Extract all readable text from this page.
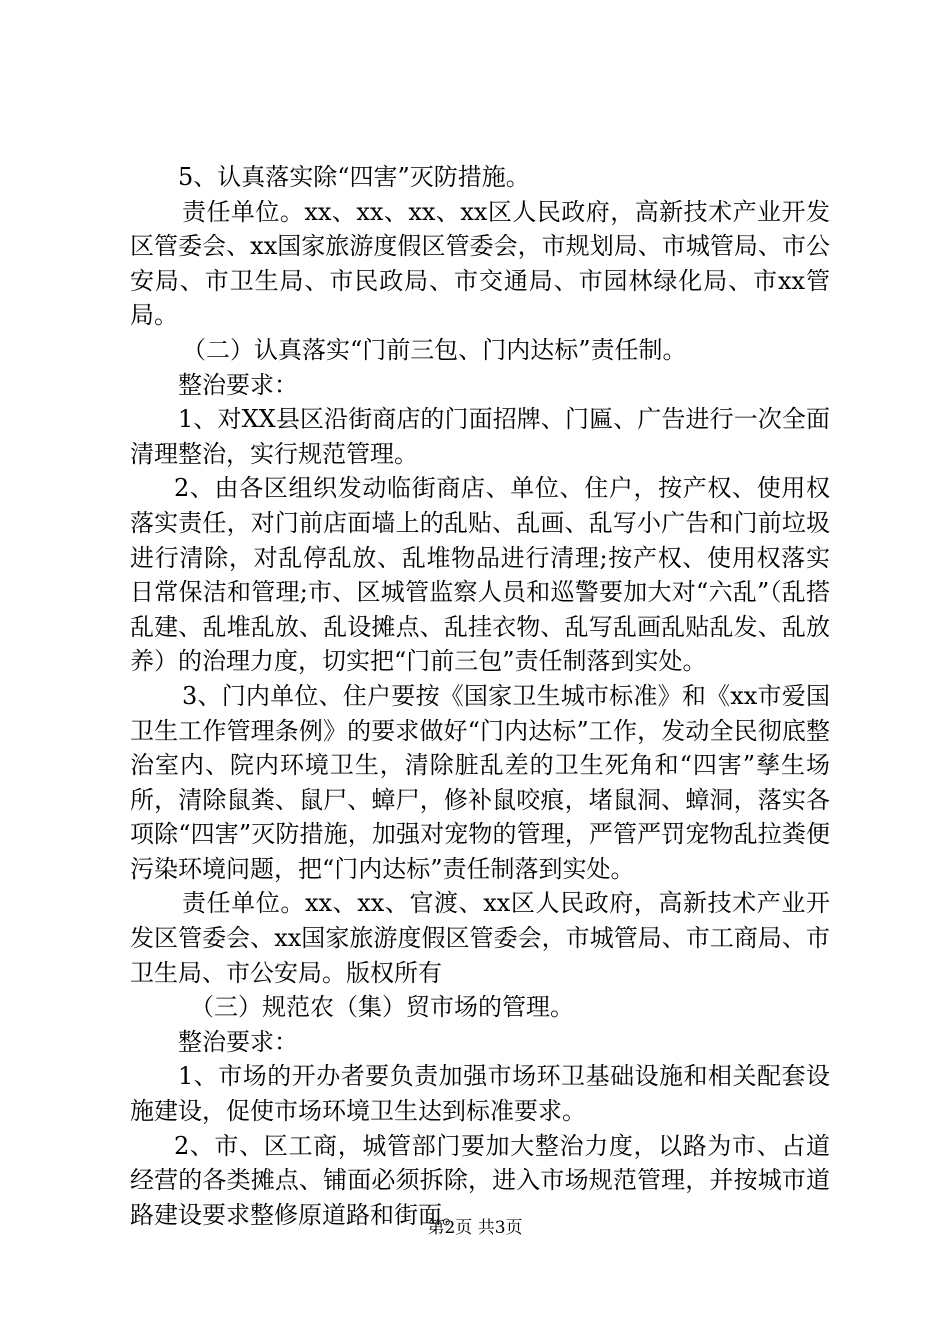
5、认真落实除“四害”灭防措施。

责任单位。xx、xx、xx、xx区人民政府，高新技术产业开发区管委会、xx国家旅游度假区管委会，市规划局、市城管局、市公安局、市卫生局、市民政局、市交通局、市园林绿化局、市xx管局。

（二）认真落实“门前三包、门内达标”责任制。

整治要求：

1、对XX县区沿街商店的门面招牌、门匾、广告进行一次全面清理整治，实行规范管理。

2、由各区组织发动临街商店、单位、住户，按产权、使用权落实责任，对门前店面墙上的乱贴、乱画、乱写小广告和门前垃圾进行清除，对乱停乱放、乱堆物品进行清理;按产权、使用权落实日常保洁和管理;市、区城管监察人员和巡警要加大对“六乱”（乱搭乱建、乱堆乱放、乱设摊点、乱挂衣物、乱写乱画乱贴乱发、乱放养）的治理力度，切实把“门前三包”责任制落到实处。

3、门内单位、住户要按《国家卫生城市标准》和《xx市爱国卫生工作管理条例》的要求做好“门内达标”工作，发动全民彻底整治室内、院内环境卫生，清除脏乱差的卫生死角和“四害”孳生场所，清除鼠粪、鼠尸、蟑尸，修补鼠咬痕，堵鼠洞、蟑洞，落实各项除“四害”灭防措施，加强对宠物的管理，严管严罚宠物乱拉粪便污染环境问题，把“门内达标”责任制落到实处。

责任单位。xx、xx、官渡、xx区人民政府，高新技术产业开发区管委会、xx国家旅游度假区管委会，市城管局、市工商局、市卫生局、市公安局。版权所有

（三）规范农（集）贸市场的管理。

整治要求：

1、市场的开办者要负责加强市场环卫基础设施和相关配套设施建设，促使市场环境卫生达到标准要求。

2、市、区工商，城管部门要加大整治力度，以路为市、占道经营的各类摊点、铺面必须拆除，进入市场规范管理，并按城市道路建设要求整修原道路和街面。

第2页 共3页
